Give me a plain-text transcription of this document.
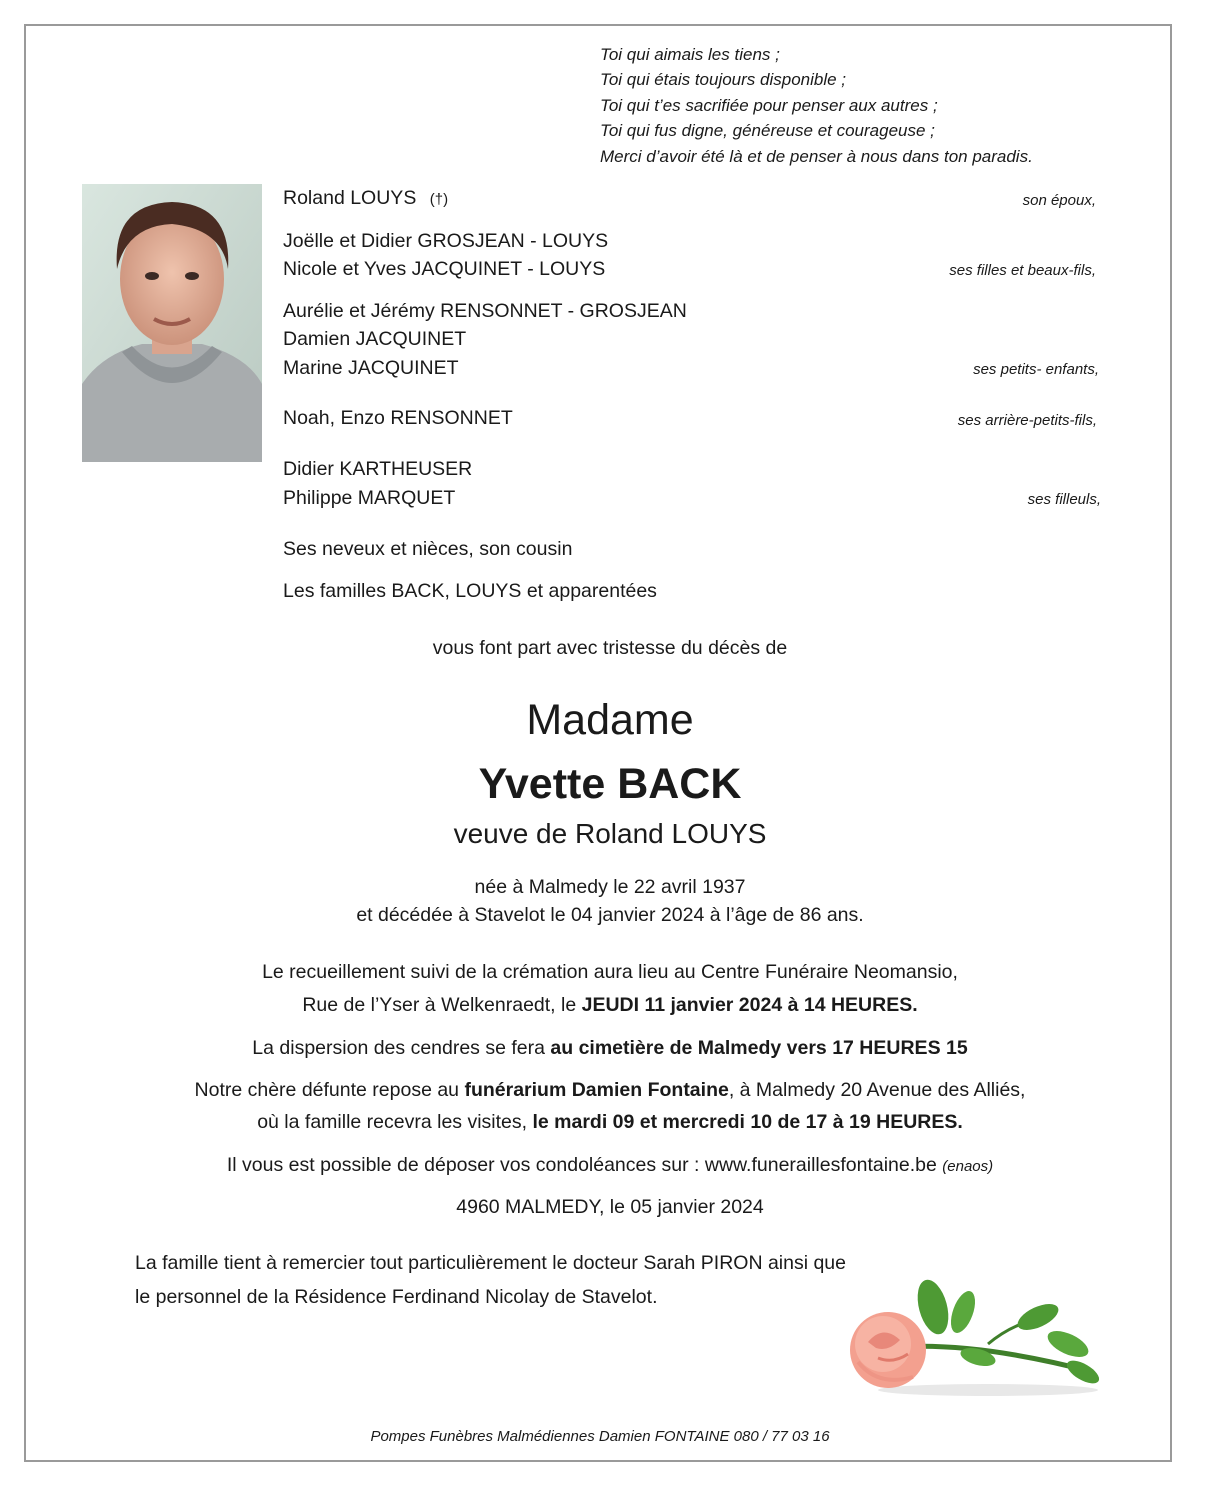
Toi qui aimais les tiens ;
Toi qui étais toujours disponible ;
Toi qui t’es sacrifiée pour penser aux autres ;
Toi qui fus digne, généreuse et courageuse ;
Merci d’avoir été là et de penser à nous dans ton paradis.
Roland LOUYS (†)	son époux,
Joëlle et Didier GROSJEAN - LOUYS
Nicole et Yves JACQUINET - LOUYS	ses filles et beaux-fils,
Aurélie et Jérémy RENSONNET - GROSJEAN
Damien JACQUINET
Marine JACQUINET	ses petits- enfants,
Noah, Enzo RENSONNET	ses arrière-petits-fils,
Didier KARTHEUSER
Philippe MARQUET	ses filleuls,
Ses neveux et nièces, son cousin
Les familles BACK, LOUYS et apparentées
vous font part avec tristesse du décès de
Madame
Yvette BACK
veuve de Roland LOUYS
née à Malmedy le 22 avril 1937
et décédée à Stavelot le 04 janvier 2024 à l’âge de 86 ans.
Le recueillement suivi de la crémation aura lieu au Centre Funéraire Neomansio,
Rue de l’Yser à Welkenraedt, le JEUDI 11 janvier 2024 à 14 HEURES.
La dispersion des cendres se fera au cimetière de Malmedy vers 17 HEURES 15
Notre chère défunte repose au funérarium Damien Fontaine, à Malmedy 20 Avenue des Alliés,
où la famille recevra les visites, le mardi 09 et mercredi 10 de 17 à 19 HEURES.
Il vous est possible de déposer vos condoléances sur : www.funeraillesfontaine.be (enaos)
4960 MALMEDY, le 05 janvier 2024
La famille tient à remercier tout particulièrement le docteur Sarah PIRON ainsi que
le personnel de la Résidence Ferdinand Nicolay de Stavelot.
Pompes Funèbres Malmédiennes Damien FONTAINE 080 / 77 03 16
